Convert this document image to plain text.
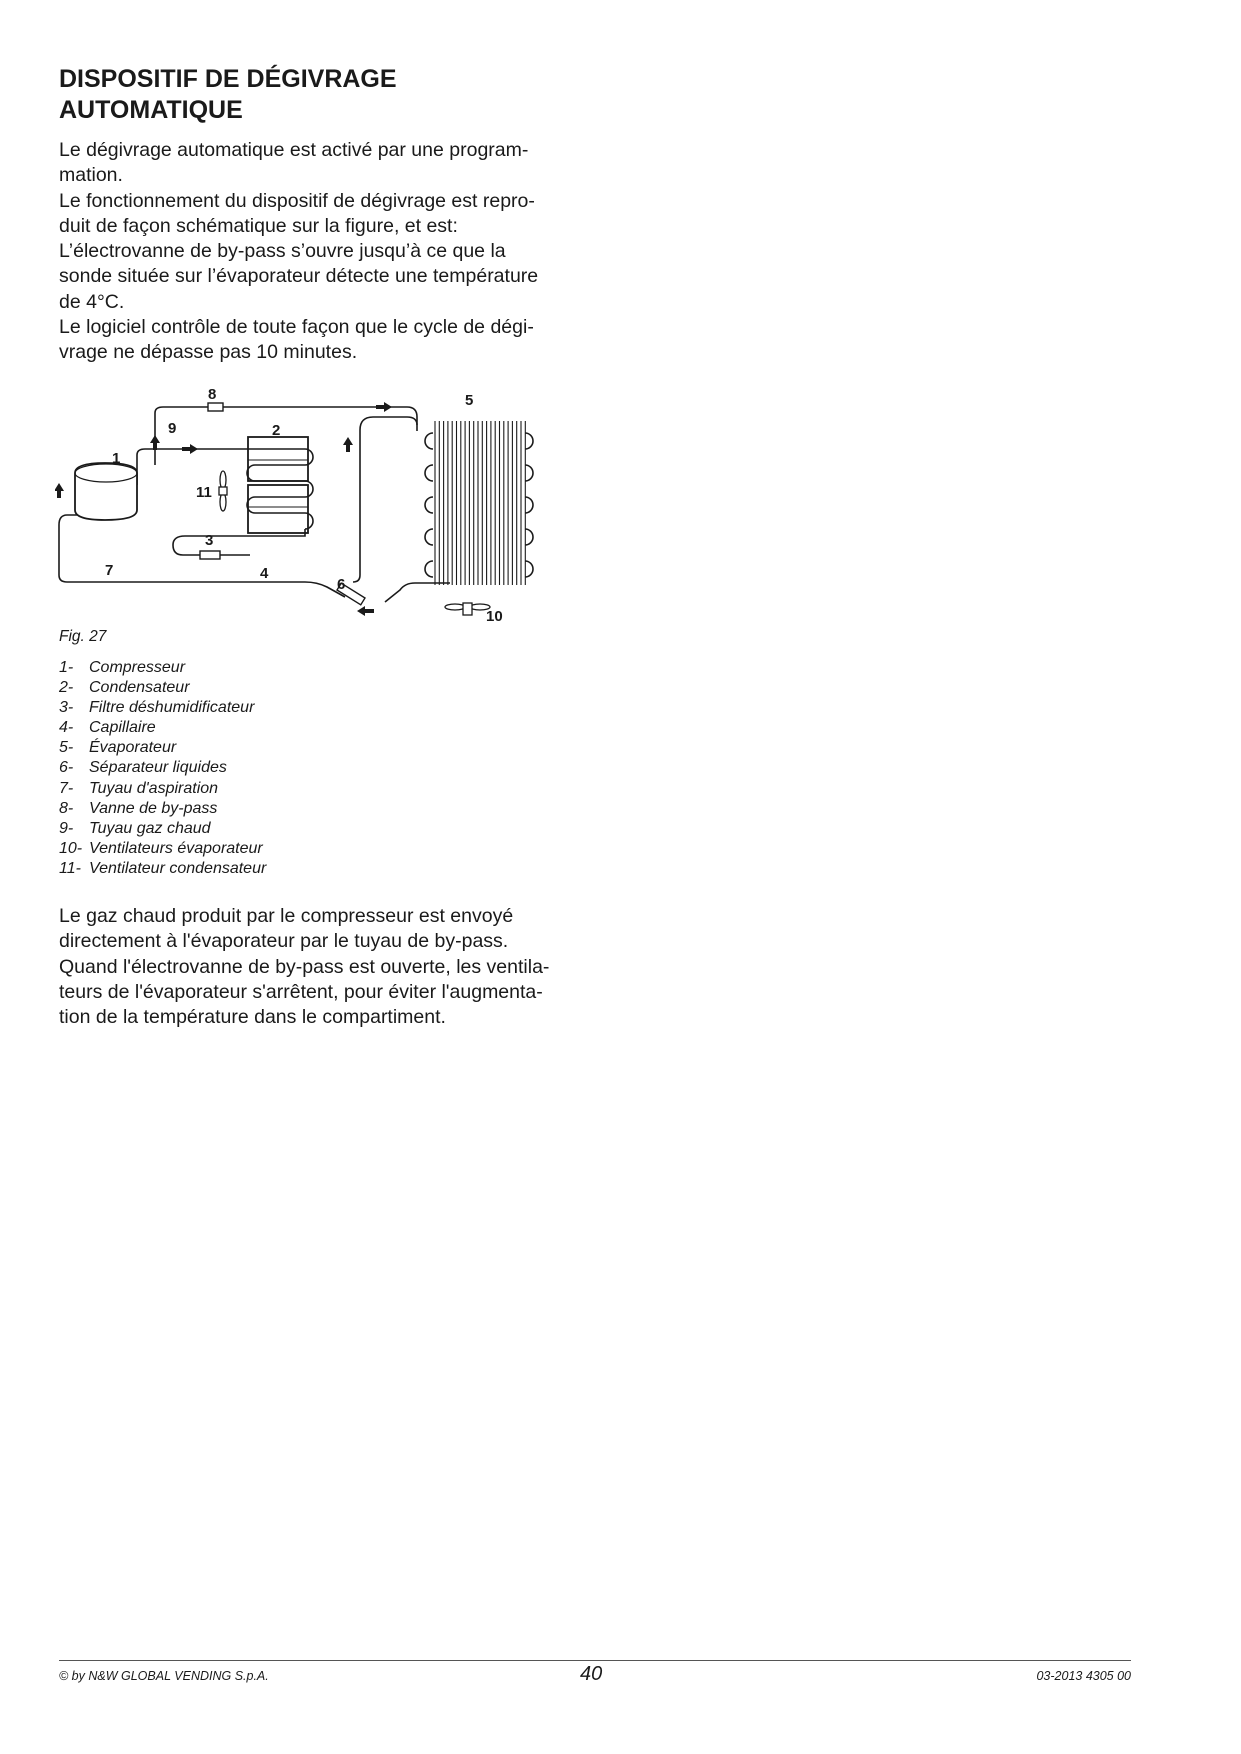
DISPOSITIF DE DÉGIVRAGE
AUTOMATIQUE

Le dégivrage automatique est activé par une program-
mation.
Le fonctionnement du dispositif de dégivrage est repro-
duit de façon schématique sur la figure, et est:
L’électrovanne de by-pass s’ouvre jusqu’à ce que la
sonde située sur l’évaporateur détecte une température
de 4°C.
Le logiciel contrôle de toute façon que le cycle de dégi-
vrage ne dépasse pas 10 minutes.

1
2
3
4
5
6
7
8
9
10
11
Fig. 27
1- Compresseur
2- Condensateur
3- Filtre déshumidificateur
4- Capillaire
5- Évaporateur
6- Séparateur liquides
7- Tuyau d'aspiration
8- Vanne de by-pass
9- Tuyau gaz chaud
10- Ventilateurs évaporateur
11- Ventilateur condensateur

Le gaz chaud produit par le compresseur est envoyé
directement à l'évaporateur par le tuyau de by-pass.
Quand l'électrovanne de by-pass est ouverte, les ventila-
teurs de l'évaporateur s'arrêtent, pour éviter l'augmenta-
tion de la température dans le compartiment.

© by N&W GLOBAL VENDING S.p.A.	40	03-2013 4305 00
